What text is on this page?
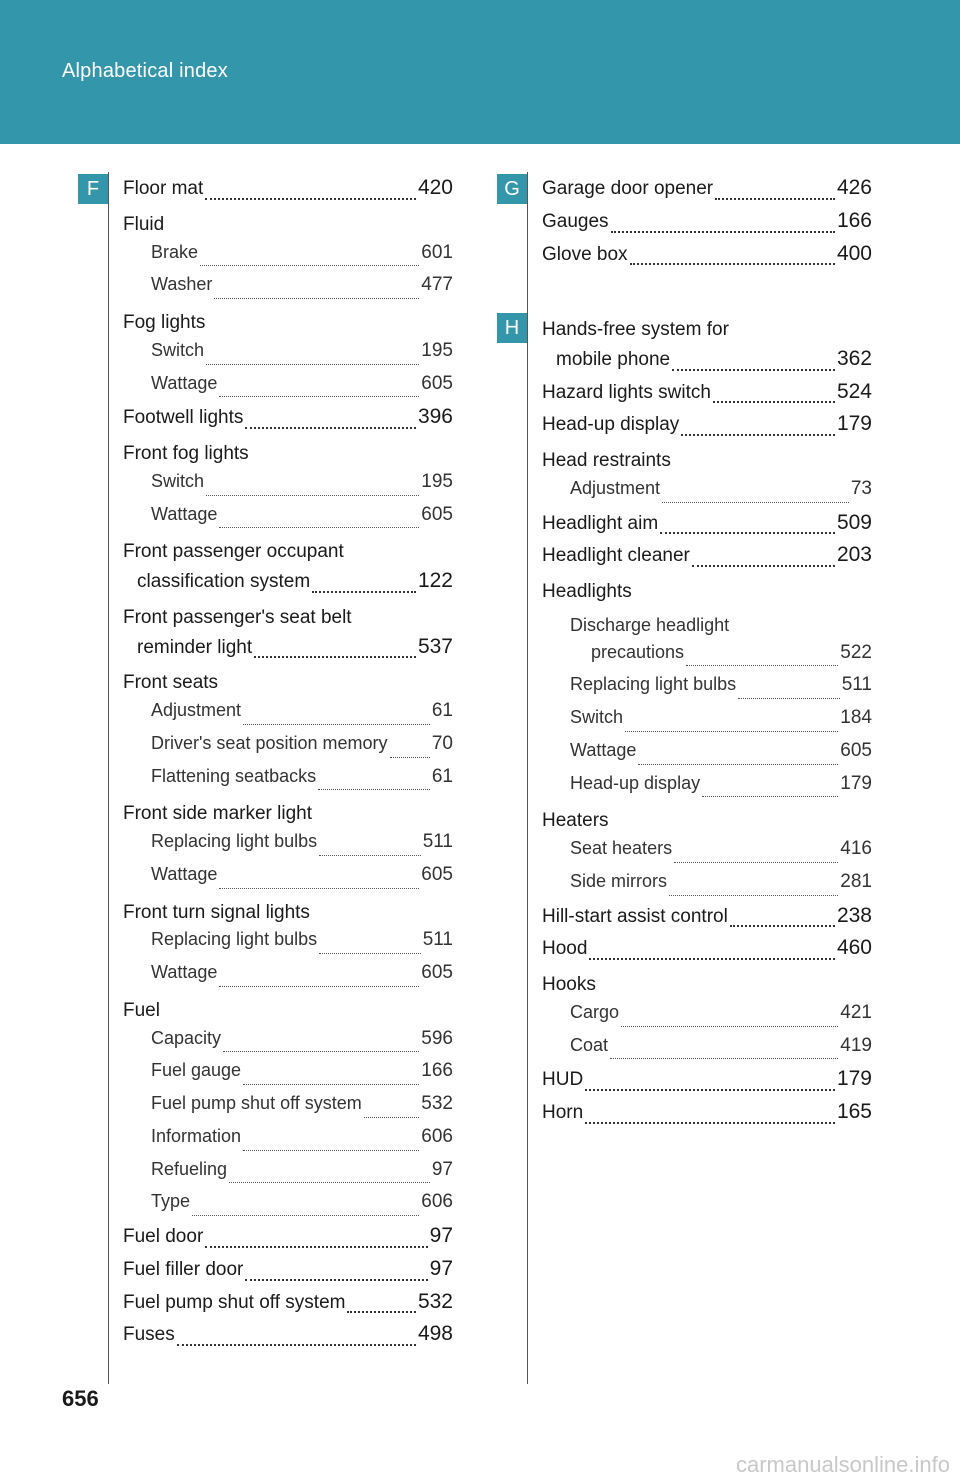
Alphabetical index
F	G
H
Floor mat	420
Fluid
Brake	601
Washer	477
Fog lights
Switch	195
Wattage	605
Footwell lights	396
Front fog lights
Switch	195
Wattage	605
Front passenger occupant
classification system	122
Front passenger's seat belt
reminder light	537
Front seats
Adjustment	61
Driver's seat position memory 70
Flattening seatbacks	61
Front side marker light
Replacing light bulbs	511
Wattage	605
Front turn signal lights
Replacing light bulbs	511
Wattage	605
Fuel
Capacity	596
Fuel gauge	166
Fuel pump shut off system	532
Information	606
Refueling	97
Type	606
Fuel door	97
Fuel filler door	97
Fuel pump shut off system	532
Fuses	498
Garage door opener	426
Gauges	166
Glove box	400
Hands-free system for
mobile phone	362
Hazard lights switch	524
Head-up display	179
Head restraints
Adjustment	73
Headlight aim	509
Headlight cleaner	203
Headlights
Discharge headlight
precautions	522
Replacing light bulbs	511
Switch	184
Wattage	605
Head-up display	179
Heaters
Seat heaters	416
Side mirrors	281
Hill-start assist control	238
Hood	460
Hooks
Cargo	421
Coat	419
HUD	179
Horn	165
656
carmanualsonline.info
